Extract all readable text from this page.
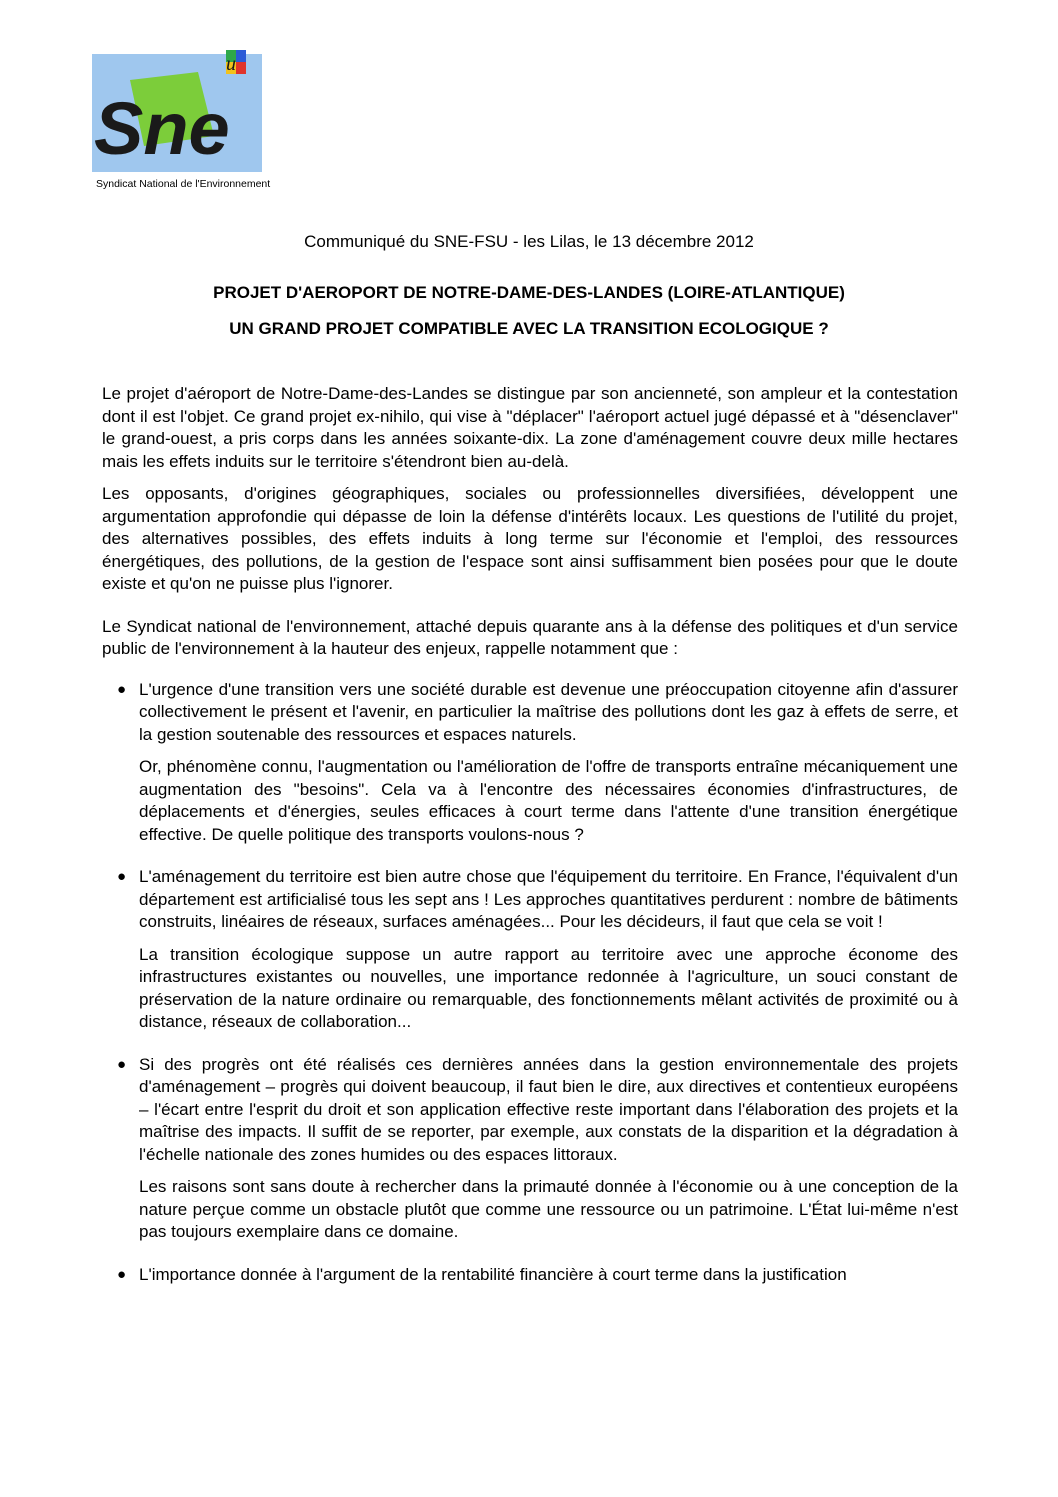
u
Sne
Syndicat National de l'Environnement
Communiqué du SNE-FSU - les Lilas, le 13 décembre 2012
PROJET D'AEROPORT DE NOTRE-DAME-DES-LANDES (LOIRE-ATLANTIQUE)
UN GRAND PROJET COMPATIBLE AVEC LA TRANSITION ECOLOGIQUE ?

Le projet d'aéroport de Notre-Dame-des-Landes se distingue par son ancienneté, son ampleur et la contestation dont il est l'objet. Ce grand projet ex-nihilo, qui vise à "déplacer" l'aéroport actuel jugé dépassé et à "désenclaver" le grand-ouest, a pris corps dans les années soixante-dix. La zone d'aménagement couvre deux mille hectares mais les effets induits sur le territoire s'étendront bien au-delà.

Les opposants, d'origines géographiques, sociales ou professionnelles diversifiées, développent une argumentation approfondie qui dépasse de loin la défense d'intérêts locaux. Les questions de l'utilité du projet, des alternatives possibles, des effets induits à long terme sur l'économie et l'emploi, des ressources énergétiques, des pollutions, de la gestion de l'espace sont ainsi suffisamment bien posées pour que le doute existe et qu'on ne puisse plus l'ignorer.

Le Syndicat national de l'environnement, attaché depuis quarante ans à la défense des politiques et d'un service public de l'environnement à la hauteur des enjeux, rappelle notamment que :

● L'urgence d'une transition vers une société durable est devenue une préoccupation citoyenne afin d'assurer collectivement le présent et l'avenir, en particulier la maîtrise des pollutions dont les gaz à effets de serre, et la gestion soutenable des ressources et espaces naturels.

Or, phénomène connu, l'augmentation ou l'amélioration de l'offre de transports entraîne mécaniquement une augmentation des "besoins". Cela va à l'encontre des nécessaires économies d'infrastructures, de déplacements et d'énergies, seules efficaces à court terme dans l'attente d'une transition énergétique effective. De quelle politique des transports voulons-nous ?

● L'aménagement du territoire est bien autre chose que l'équipement du territoire. En France, l'équivalent d'un département est artificialisé tous les sept ans ! Les approches quantitatives perdurent : nombre de bâtiments construits, linéaires de réseaux, surfaces aménagées... Pour les décideurs, il faut que cela se voit !

La transition écologique suppose un autre rapport au territoire avec une approche économe des infrastructures existantes ou nouvelles, une importance redonnée à l'agriculture, un souci constant de préservation de la nature ordinaire ou remarquable, des fonctionnements mêlant activités de proximité ou à distance, réseaux de collaboration...

● Si des progrès ont été réalisés ces dernières années dans la gestion environnementale des projets d'aménagement – progrès qui doivent beaucoup, il faut bien le dire, aux directives et contentieux européens – l'écart entre l'esprit du droit et son application effective reste important dans l'élaboration des projets et la maîtrise des impacts. Il suffit de se reporter, par exemple, aux constats de la disparition et la dégradation à l'échelle nationale des zones humides ou des espaces littoraux.

Les raisons sont sans doute à rechercher dans la primauté donnée à l'économie ou à une conception de la nature perçue comme un obstacle plutôt que comme une ressource ou un patrimoine. L'État lui-même n'est pas toujours exemplaire dans ce domaine.

● L'importance donnée à l'argument de la rentabilité financière à court terme dans la justification
